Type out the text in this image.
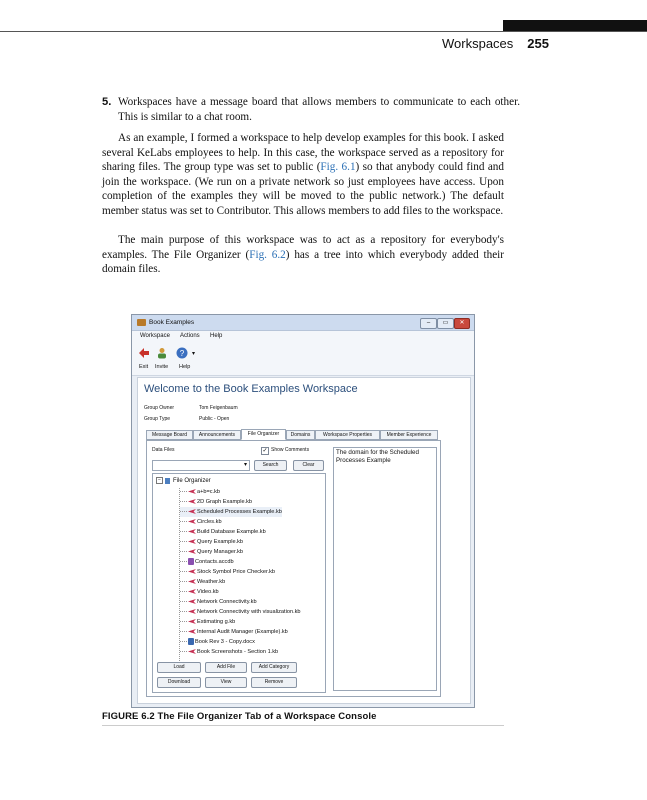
Workspaces 255
5. Workspaces have a message board that allows members to communicate to each other. This is similar to a chat room.
As an example, I formed a workspace to help develop examples for this book. I asked several KeLabs employees to help. In this case, the workspace served as a repository for sharing files. The group type was set to public (Fig. 6.1) so that anybody could find and join the workspace. (We run on a private network so just employees have access. Upon completion of the examples they will be moved to the public network.) The default member status was set to Contributor. This allows members to add files to the workspace.
The main purpose of this workspace was to act as a repository for everybody's examples. The File Organizer (Fig. 6.2) has a tree into which everybody added their domain files.
Book Examples	–	▭	✕
Workspace Actions Help
? ▾
Exit Invite Help
Welcome to the Book Examples Workspace
Group Owner	Tom Feigenbaum
Group Type	Public - Open
Message Board	Announcements	File Organizer	Domains	Workspace Properties	Member Experience
Data Files	✓ Show Comments
▾	Search	Clear
− File Organizer
a+b=c.kb
2D Graph Example.kb
Scheduled Processes Example.kb
Circles.kb
Build Database Example.kb
Query Example.kb
Query Manager.kb
Contacts.accdb
Stock Symbol Price Checker.kb
Weather.kb
Video.kb
Network Connectivity.kb
Network Connectivity with visualization.kb
Estimating g.kb
Internal Audit Manager (Example).kb
Book Rev 3 - Copy.docx
Book Screenshots - Section 1.kb
The domain for the Scheduled Processes Example
Load	Add File	Add Category
Download	View	Remove
FIGURE 6.2 The File Organizer Tab of a Workspace Console
